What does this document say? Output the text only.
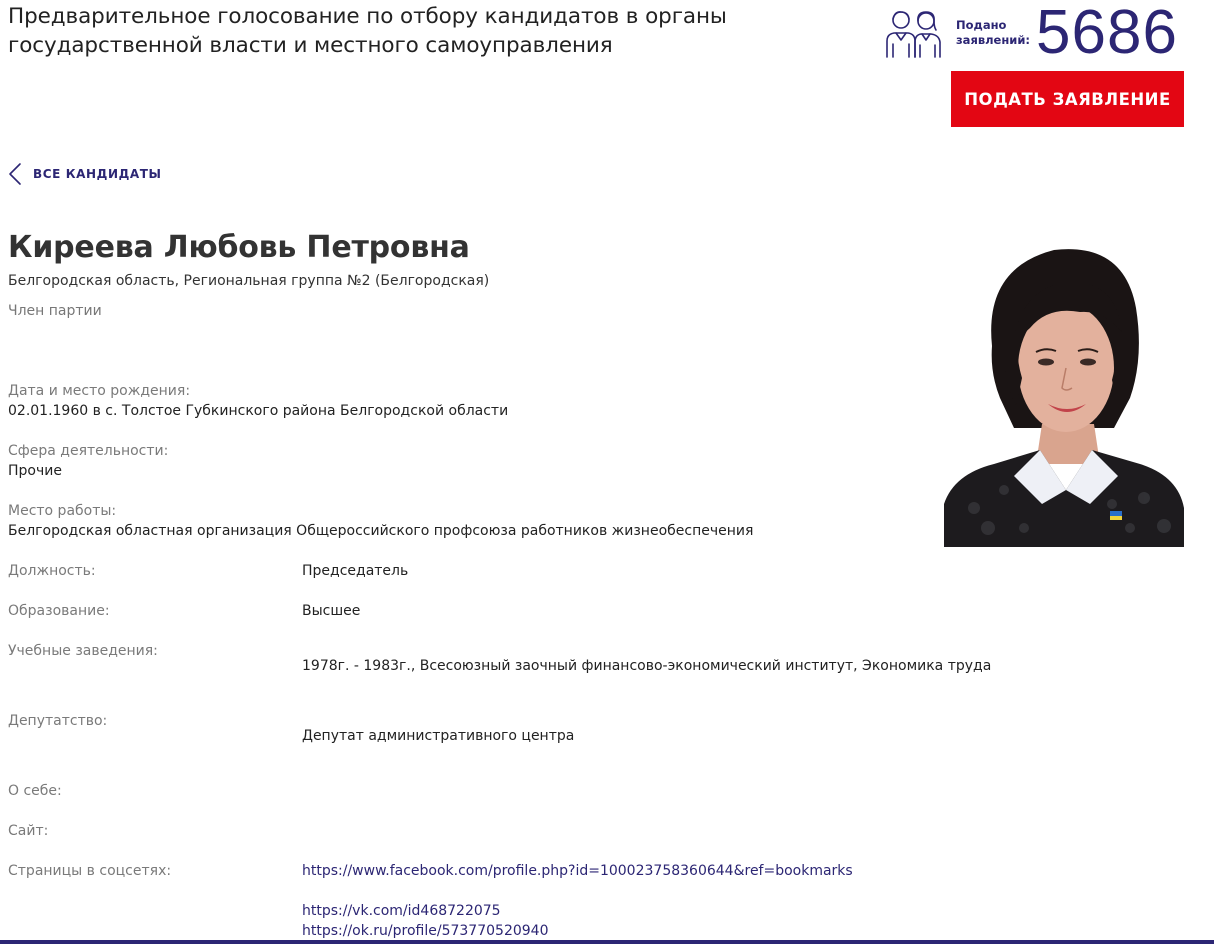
Предварительное голосование по отбору кандидатов в органы государственной власти и местного самоуправления
Подано
заявлений: 5686
ПОДАТЬ ЗАЯВЛЕНИЕ
ВСЕ КАНДИДАТЫ
Киреева Любовь Петровна
Белгородская область, Региональная группа №2 (Белгородская)
Член партии
Дата и место рождения:
02.01.1960 в с. Толстое Губкинского района Белгородской области
Сфера деятельности:
Прочие
Место работы:
Белгородская областная организация Общероссийского профсоюза работников жизнеобеспечения
Должность:	Председатель
Образование:	Высшее
Учебные заведения:
1978г. - 1983г., Всесоюзный заочный финансово-экономический институт, Экономика труда
Депутатство:
Депутат административного центра
О себе:
Сайт:
Страницы в соцсетях:	https://www.facebook.com/profile.php?id=100023758360644&ref=bookmarks
https://vk.com/id468722075
https://ok.ru/profile/573770520940
